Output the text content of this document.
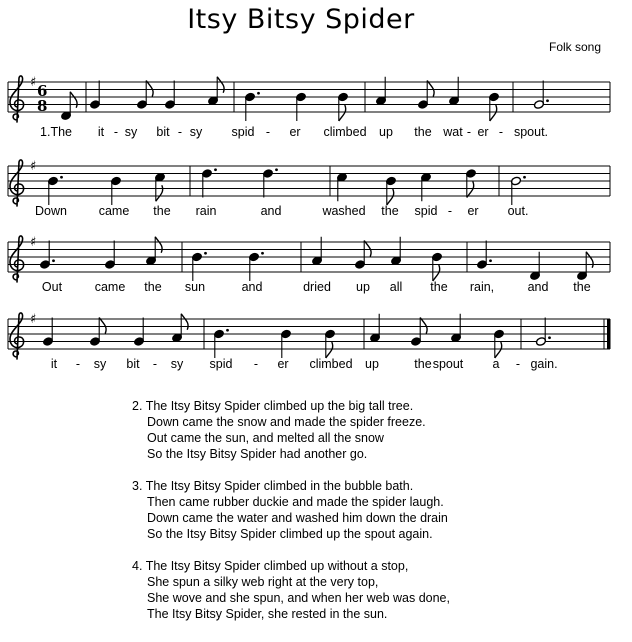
Itsy Bitsy Spider
Folk song
♯ 6
8
1.The it - sy bit - sy spid - er climbed up the wat - er - spout.
♯
Down	came the rain	and	washed the spid - er out.
♯
Out	came the sun	and	dried up all the rain,	and the
♯
it - sy bit - sy spid - er climbed up	the spout a - gain.
2. The Itsy Bitsy Spider climbed up the big tall tree.
Down came the snow and made the spider freeze.
Out came the sun, and melted all the snow
So the Itsy Bitsy Spider had another go.
3. The Itsy Bitsy Spider climbed in the bubble bath.
Then came rubber duckie and made the spider laugh.
Down came the water and washed him down the drain
So the Itsy Bitsy Spider climbed up the spout again.
4. The Itsy Bitsy Spider climbed up without a stop,
She spun a silky web right at the very top,
She wove and she spun, and when her web was done,
The Itsy Bitsy Spider, she rested in the sun.
